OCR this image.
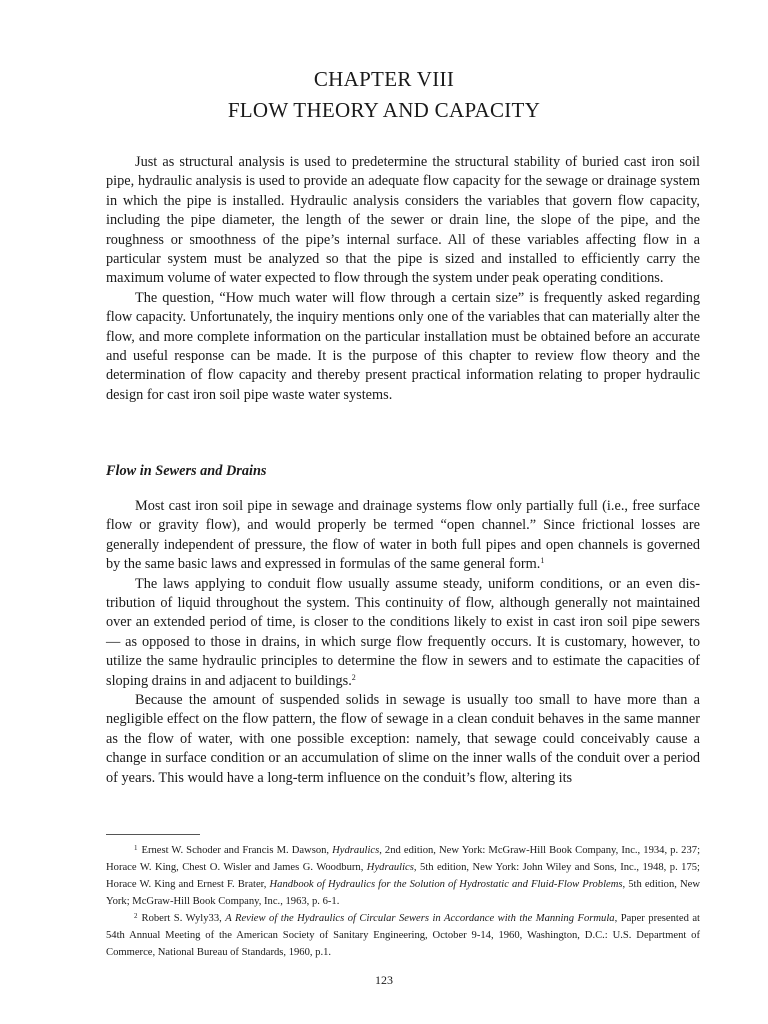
CHAPTER VIII
FLOW THEORY AND CAPACITY

Just as structural analysis is used to predetermine the structural stability of buried cast iron soil pipe, hydraulic analysis is used to provide an adequate flow capacity for the sewage or drainage system in which the pipe is installed. Hydraulic analysis considers the variables that govern flow capacity, including the pipe diameter, the length of the sewer or drain line, the slope of the pipe, and the roughness or smoothness of the pipe’s internal surface. All of these variables affecting flow in a particular system must be analyzed so that the pipe is sized and installed to efficiently carry the maximum volume of water expected to flow through the system under peak operating conditions.

The question, “How much water will flow through a certain size” is frequently asked regarding flow capacity. Unfortunately, the inquiry mentions only one of the variables that can materially alter the flow, and more complete information on the particular installation must be obtained before an accurate and useful response can be made. It is the purpose of this chapter to review flow theory and the determination of flow capacity and thereby present practical information relating to proper hydraulic design for cast iron soil pipe waste water systems.

Flow in Sewers and Drains

Most cast iron soil pipe in sewage and drainage systems flow only partially full (i.e., free surface flow or gravity flow), and would properly be termed “open channel.” Since frictional losses are generally independent of pressure, the flow of water in both full pipes and open channels is governed by the same basic laws and expressed in formulas of the same general form.$^1$

The laws applying to conduit flow usually assume steady, uniform conditions, or an even distribution of liquid throughout the system. This continuity of flow, although generally not maintained over an extended period of time, is closer to the conditions likely to exist in cast iron soil pipe sewers — as opposed to those in drains, in which surge flow frequently occurs. It is customary, however, to utilize the same hydraulic principles to determine the flow in sewers and to estimate the capacities of sloping drains in and adjacent to buildings.$^2$

Because the amount of suspended solids in sewage is usually too small to have more than a negligible effect on the flow pattern, the flow of sewage in a clean conduit behaves in the same manner as the flow of water, with one possible exception: namely, that sewage could conceivably cause a change in surface condition or an accumulation of slime on the inner walls of the conduit over a period of years. This would have a long-term influence on the conduit’s flow, altering its

$^1$ Ernest W. Schoder and Francis M. Dawson, Hydraulics, 2nd edition, New York: McGraw-Hill Book Company, Inc., 1934, p. 237; Horace W. King, Chest O. Wisler and James G. Woodburn, Hydraulics, 5th edition, New York: John Wiley and Sons, Inc., 1948, p. 175; Horace W. King and Ernest F. Brater, Handbook of Hydraulics for the Solution of Hydrostatic and Fluid-Flow Problems, 5th edition, New York; McGraw-Hill Book Company, Inc., 1963, p. 6-1.

$^2$ Robert S. Wyly33, A Review of the Hydraulics of Circular Sewers in Accordance with the Manning Formula, Paper presented at 54th Annual Meeting of the American Society of Sanitary Engineering, October 9-14, 1960, Washington, D.C.: U.S. Department of Commerce, National Bureau of Standards, 1960, p.1.

123
